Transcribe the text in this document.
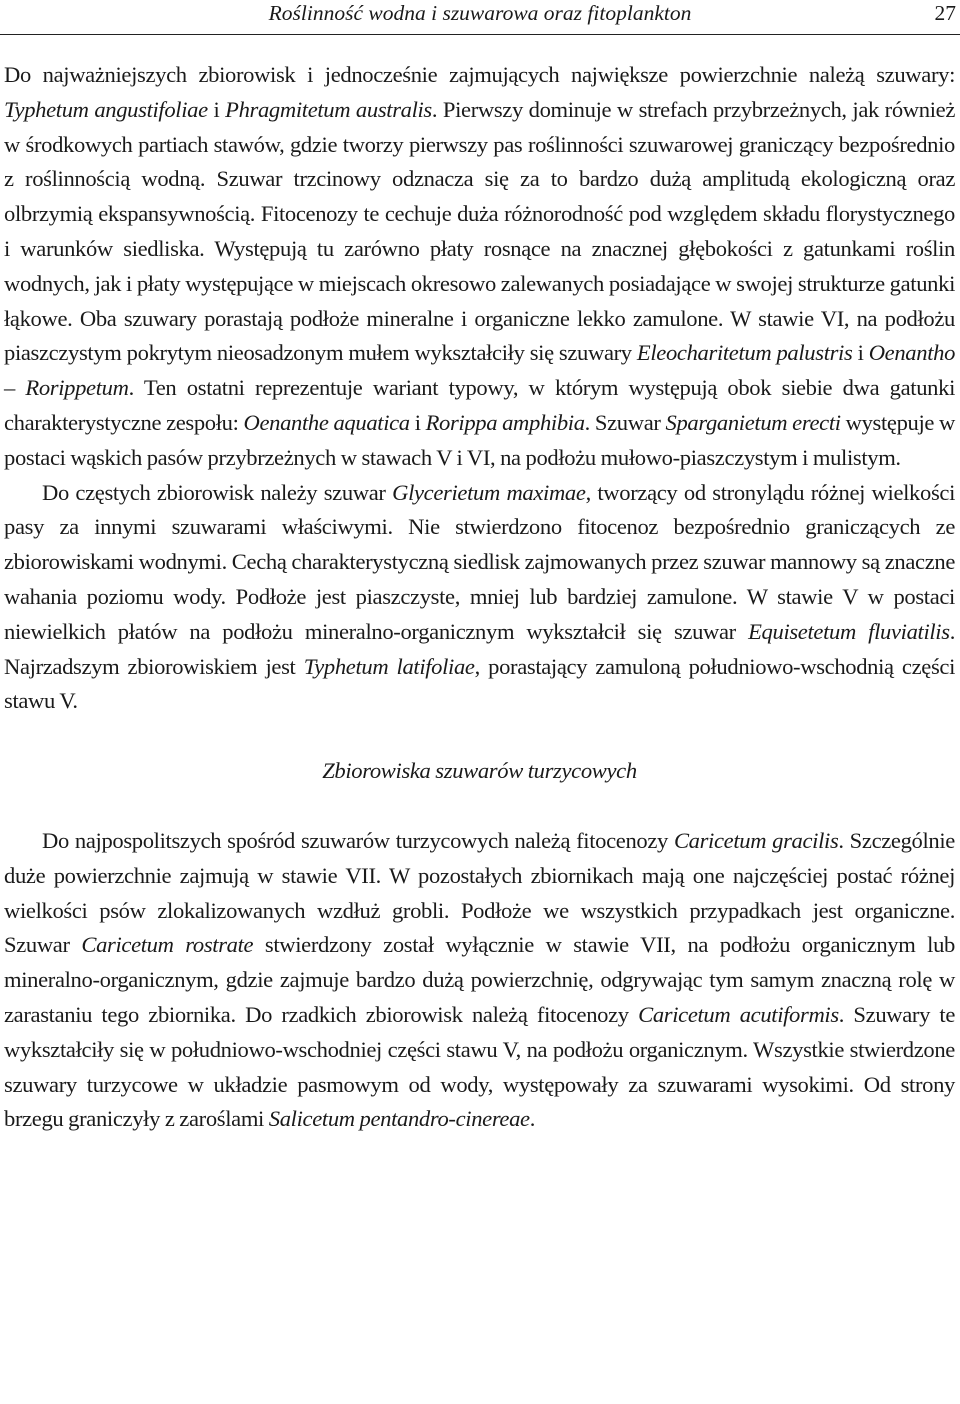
Roślinność wodna i szuwarowa oraz fitoplankton	27

Do najważniejszych zbiorowisk i jednocześnie zajmujących największe powierzchnie należą szuwary: Typhetum angustifoliae i Phragmitetum australis. Pierwszy dominuje w strefach przybrzeżnych, jak również w środkowych partiach stawów, gdzie tworzy pierwszy pas roślinności szuwarowej graniczący bezpośrednio z roślinnością wodną. Szuwar trzcinowy odznacza się za to bardzo dużą amplitudą ekologiczną oraz olbrzymią ekspansywnością. Fitocenozy te cechuje duża różnorodność pod względem składu florystycznego i warunków siedliska. Występują tu zarówno płaty rosnące na znacznej głębokości z gatunkami roślin wodnych, jak i płaty występujące w miejscach okresowo zalewanych posiadające w swojej strukturze gatunki łąkowe. Oba szuwary porastają podłoże mineralne i organiczne lekko zamulone. W stawie VI, na podłożu piaszczystym pokrytym nieosadzonym mułem wykształciły się szuwary Eleocharitetum palustris i Oenantho – Rorippetum. Ten ostatni reprezentuje wariant typowy, w którym występują obok siebie dwa gatunki charakterystyczne zespołu: Oenanthe aquatica i Rorippa amphibia. Szuwar Sparganietum erecti występuje w postaci wąskich pasów przybrzeżnych w stawach V i VI, na podłożu mułowo-piaszczystym i mulistym.

Do częstych zbiorowisk należy szuwar Glycerietum maximae, tworzący od stronylądu różnej wielkości pasy za innymi szuwarami właściwymi. Nie stwierdzono fitocenoz bezpośrednio graniczących ze zbiorowiskami wodnymi. Cechą charakterystyczną siedlisk zajmowanych przez szuwar mannowy są znaczne wahania poziomu wody. Podłoże jest piaszczyste, mniej lub bardziej zamulone. W stawie V w postaci niewielkich płatów na podłożu mineralno-organicznym wykształcił się szuwar Equisetetum fluviatilis. Najrzadszym zbiorowiskiem jest Typhetum latifoliae, porastający zamuloną południowo-wschodnią części stawu V.

Zbiorowiska szuwarów turzycowych

Do najpospolitszych spośród szuwarów turzycowych należą fitocenozy Caricetum gracilis. Szczególnie duże powierzchnie zajmują w stawie VII. W pozostałych zbiornikach mają one najczęściej postać różnej wielkości psów zlokalizowanych wzdłuż grobli. Podłoże we wszystkich przypadkach jest organiczne. Szuwar Caricetum rostrate stwierdzony został wyłącznie w stawie VII, na podłożu organicznym lub mineralno-organicznym, gdzie zajmuje bardzo dużą powierzchnię, odgrywając tym samym znaczną rolę w zarastaniu tego zbiornika. Do rzadkich zbiorowisk należą fitocenozy Caricetum acutiformis. Szuwary te wykształciły się w południowo-wschodniej części stawu V, na podłożu organicznym. Wszystkie stwierdzone szuwary turzycowe w układzie pasmowym od wody, występowały za szuwarami wysokimi. Od strony brzegu graniczyły z zaroślami Salicetum pentandro-cinereae.
